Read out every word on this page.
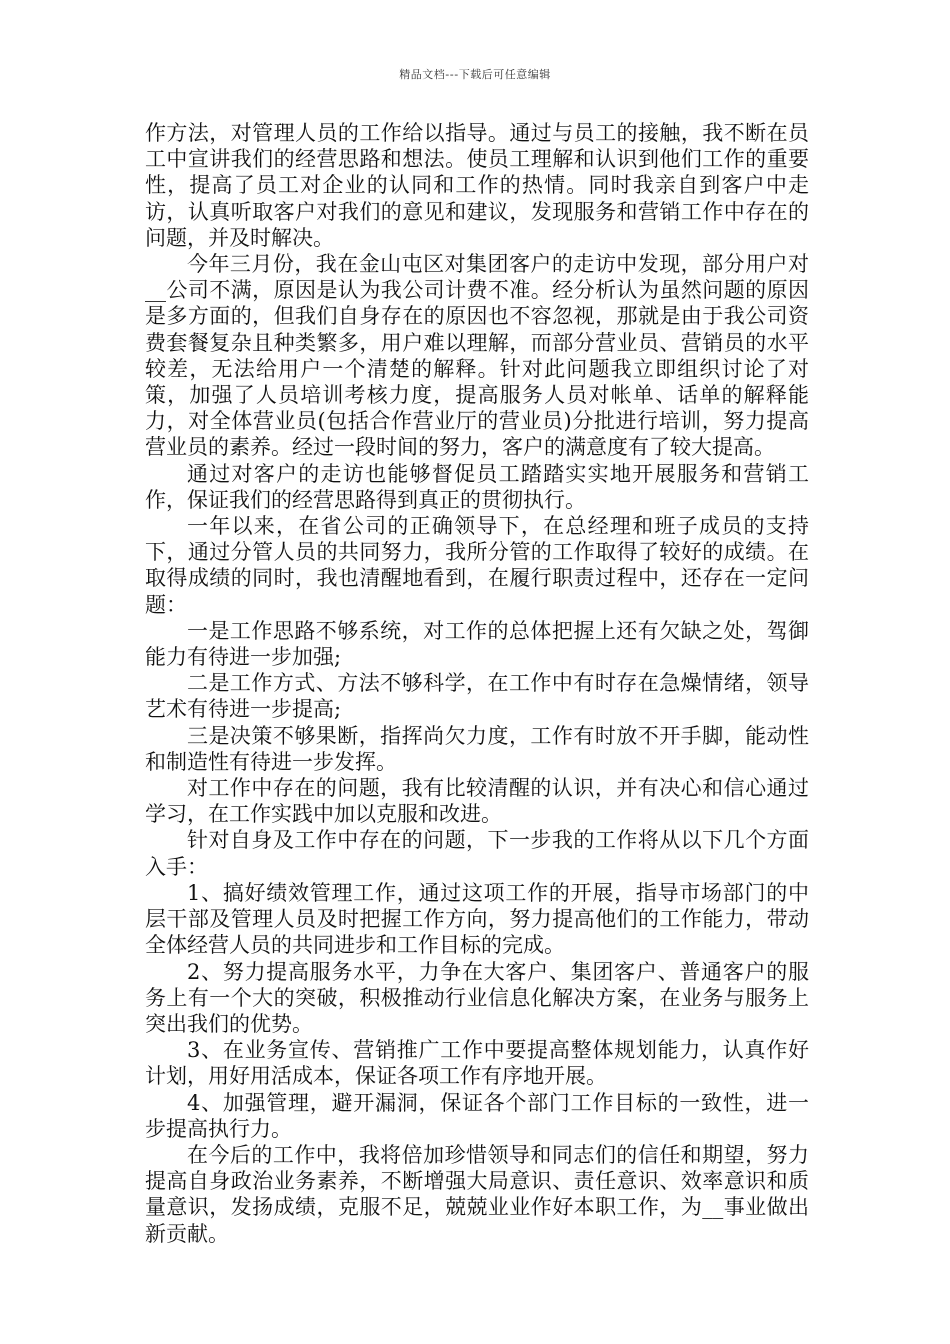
精品文档---下载后可任意编辑

作方法，对管理人员的工作给以指导。通过与员工的接触，我不断在员工中宣讲我们的经营思路和想法。使员工理解和认识到他们工作的重要性，提高了员工对企业的认同和工作的热情。同时我亲自到客户中走访，认真听取客户对我们的意见和建议，发现服务和营销工作中存在的问题，并及时解决。

今年三月份，我在金山屯区对集团客户的走访中发现，部分用户对__公司不满，原因是认为我公司计费不准。经分析认为虽然问题的原因是多方面的，但我们自身存在的原因也不容忽视，那就是由于我公司资费套餐复杂且种类繁多，用户难以理解，而部分营业员、营销员的水平较差，无法给用户一个清楚的解释。针对此问题我立即组织讨论了对策，加强了人员培训考核力度，提高服务人员对帐单、话单的解释能力，对全体营业员(包括合作营业厅的营业员)分批进行培训，努力提高营业员的素养。经过一段时间的努力，客户的满意度有了较大提高。

通过对客户的走访也能够督促员工踏踏实实地开展服务和营销工作，保证我们的经营思路得到真正的贯彻执行。

一年以来，在省公司的正确领导下，在总经理和班子成员的支持下，通过分管人员的共同努力，我所分管的工作取得了较好的成绩。在取得成绩的同时，我也清醒地看到，在履行职责过程中，还存在一定问题：

一是工作思路不够系统，对工作的总体把握上还有欠缺之处，驾御能力有待进一步加强;

二是工作方式、方法不够科学，在工作中有时存在急燥情绪，领导艺术有待进一步提高;

三是决策不够果断，指挥尚欠力度，工作有时放不开手脚，能动性和制造性有待进一步发挥。

对工作中存在的问题，我有比较清醒的认识，并有决心和信心通过学习，在工作实践中加以克服和改进。

针对自身及工作中存在的问题，下一步我的工作将从以下几个方面入手：

1、搞好绩效管理工作，通过这项工作的开展，指导市场部门的中层干部及管理人员及时把握工作方向，努力提高他们的工作能力，带动全体经营人员的共同进步和工作目标的完成。

2、努力提高服务水平，力争在大客户、集团客户、普通客户的服务上有一个大的突破，积极推动行业信息化解决方案，在业务与服务上突出我们的优势。

3、在业务宣传、营销推广工作中要提高整体规划能力，认真作好计划，用好用活成本，保证各项工作有序地开展。

4、加强管理，避开漏洞，保证各个部门工作目标的一致性，进一步提高执行力。

在今后的工作中，我将倍加珍惜领导和同志们的信任和期望，努力提高自身政治业务素养，不断增强大局意识、责任意识、效率意识和质量意识，发扬成绩，克服不足，兢兢业业作好本职工作，为__事业做出新贡献。
